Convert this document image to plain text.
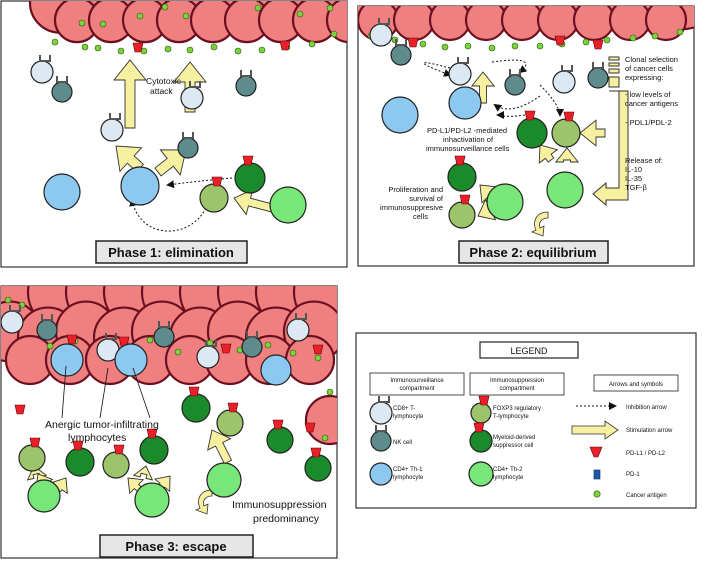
Phase 1: elimination	Phase 2: equilibrium
Phase 3: escape
Cytotoxic
attack
Clonal selection
of cancer cells
expressing:
- low levels of
cancer antigens
- PDL1/PDL-2
Release of:
IL-10
IL-35
TGF-β
PD-L1/PD-L2 -mediated
inhactivation of
immunosurveillance cells
Proliferation and
survival of
immunosuppresive
cells
Anergic tumor-infiltrating
lymphocytes
Immunosuppression
predominancy
LEGEND
Immunosurveillance
compartment
Immunosuppression
compartment
Arrows and symbols
CD8+ T-
lymphocyte
NK cell
CD4+ Th-1
lymphocyte
FOXP3 regulatory
T-lymphocyte
Myeloid-derived
suppressor cell
CD4+ Th-2
lymphocyte
Inhibition arrow
Stimulation arrow
PD-L1 / PD-L2
PD-1
Cancer antigen
